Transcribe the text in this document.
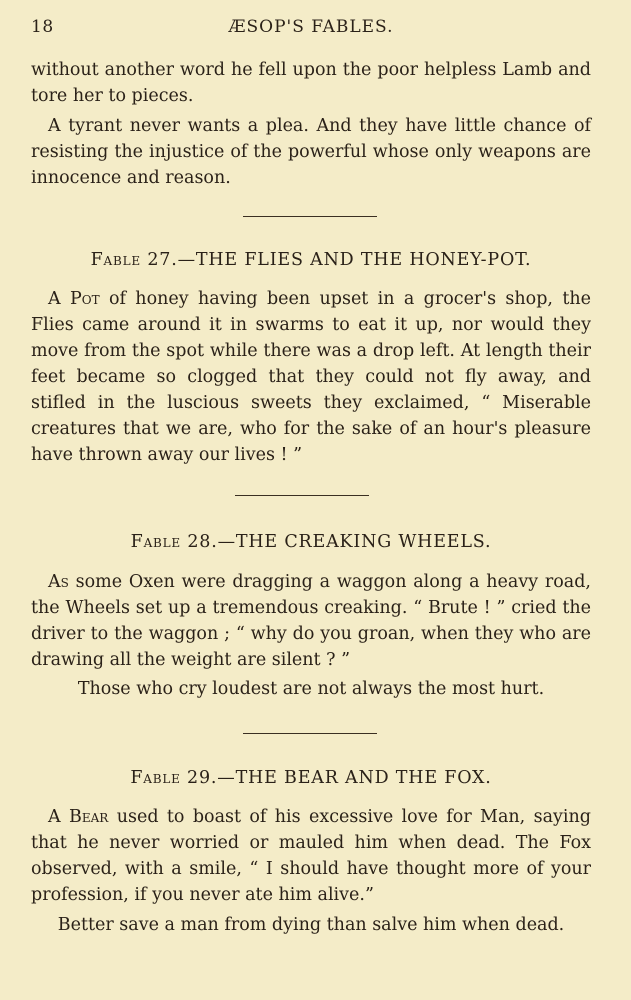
18	ÆSOP'S FABLES.

without another word he fell upon the poor helpless Lamb and tore her to pieces.

A tyrant never wants a plea. And they have little chance of resisting the injustice of the powerful whose only weapons are innocence and reason.

Fable 27.—THE FLIES AND THE HONEY-POT.

A Pot of honey having been upset in a grocer's shop, the Flies came around it in swarms to eat it up, nor would they move from the spot while there was a drop left. At length their feet became so clogged that they could not fly away, and stifled in the luscious sweets they exclaimed, “ Miserable creatures that we are, who for the sake of an hour's pleasure have thrown away our lives ! ”

Fable 28.—THE CREAKING WHEELS.

As some Oxen were dragging a waggon along a heavy road, the Wheels set up a tremendous creaking. “ Brute ! ” cried the driver to the waggon ; “ why do you groan, when they who are drawing all the weight are silent ? ”

Those who cry loudest are not always the most hurt.

Fable 29.—THE BEAR AND THE FOX.

A Bear used to boast of his excessive love for Man, saying that he never worried or mauled him when dead. The Fox observed, with a smile, “ I should have thought more of your profession, if you never ate him alive.”

Better save a man from dying than salve him when dead.
